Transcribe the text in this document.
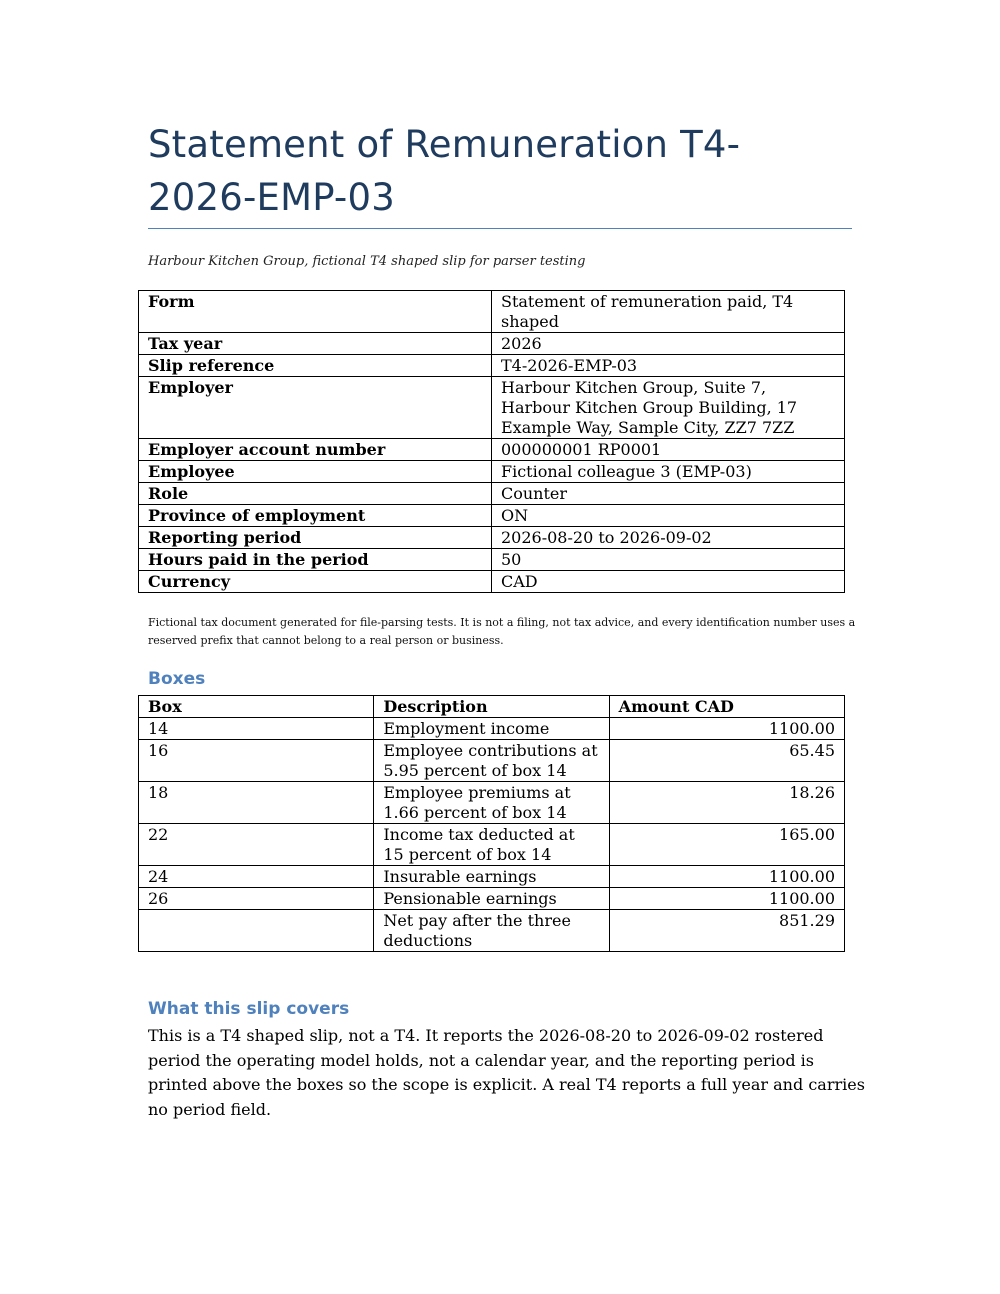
Statement of Remuneration T4-2026-EMP-03
Harbour Kitchen Group, fictional T4 shaped slip for parser testing
Form	Statement of remuneration paid, T4 shaped
Tax year	2026
Slip reference	T4-2026-EMP-03
Employer	Harbour Kitchen Group, Suite 7, Harbour Kitchen Group Building, 17 Example Way, Sample City, ZZ7 7ZZ
Employer account number	000000001 RP0001
Employee	Fictional colleague 3 (EMP-03)
Role	Counter
Province of employment	ON
Reporting period	2026-08-20 to 2026-09-02
Hours paid in the period	50
Currency	CAD
Fictional tax document generated for file-parsing tests. It is not a filing, not tax advice, and every identification number uses a reserved prefix that cannot belong to a real person or business.
Boxes
Box	Description	Amount CAD
14	Employment income	1100.00
16	Employee contributions at 5.95 percent of box 14	65.45
18	Employee premiums at 1.66 percent of box 14	18.26
22	Income tax deducted at 15 percent of box 14	165.00
24	Insurable earnings	1100.00
26	Pensionable earnings	1100.00
	Net pay after the three deductions	851.29
What this slip covers

This is a T4 shaped slip, not a T4. It reports the 2026-08-20 to 2026-09-02 rostered period the operating model holds, not a calendar year, and the reporting period is printed above the boxes so the scope is explicit. A real T4 reports a full year and carries no period field.
